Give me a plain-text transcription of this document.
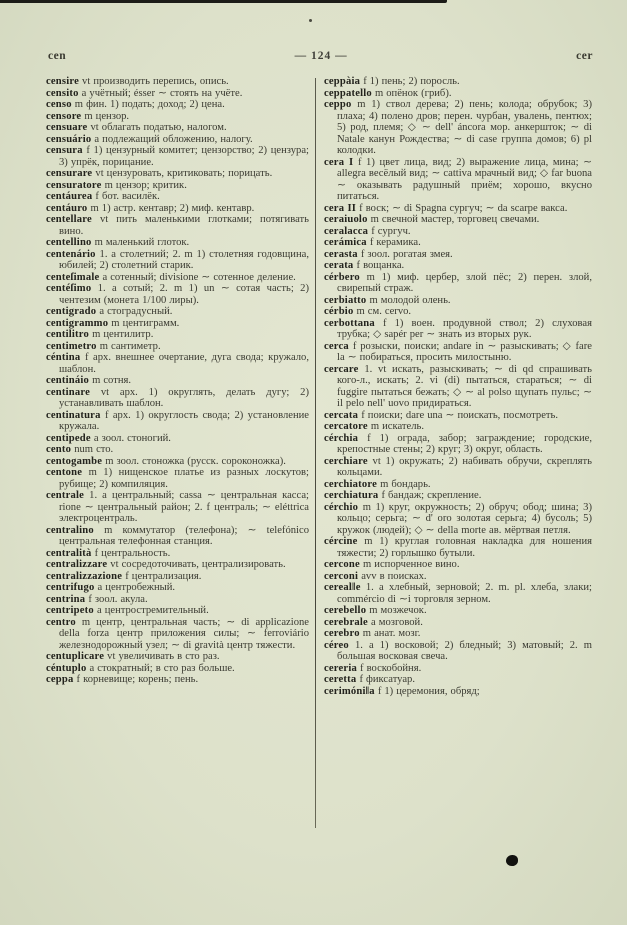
cen	— 124 —	cer

censire vt производить перепись, опись.

censito a учётный; ésser ∼ стоять на учёте.

censo m фин. 1) подать; доход; 2) цена.

censore m цензор.

censuare vt облагать податью, налогом.

censuário a подлежащий обложению, налогу.

censura f 1) цензурный комитет; цензорство; 2) цензура; 3) упрёк, порицание.

censurare vt цензуровать, критиковать; порицать.

censuratore m цензор; критик.

centáurea f бот. василёк.

centáuro m 1) астр. кентавр; 2) миф. кентавр.

centellare vt пить маленькими глотками; потягивать вино.

centellino m маленький глоток.

centenário 1. a столетний; 2. m 1) столетняя годовщина, юбилей; 2) столетний старик.

centeſimale a сотенный; divisione ∼ сотенное деление.

centéſimo 1. a сотый; 2. m 1) un ∼ сотая часть; 2) чентезим (монета 1/100 лиры).

centigrado a стоградусный.

centigrammo m центиграмм.

centilitro m центилитр.

centimetro m сантиметр.

céntina f арх. внешнее очертание, дуга свода; кружало, шаблон.

centináio m сотня.

centinare vt арх. 1) округлять, делать дугу; 2) устанавливать шаблон.

centinatura f арх. 1) округлость свода; 2) установление кружала.

centipede a зоол. стоногий.

cento num сто.

centogambe m зоол. стоножка (русск. сороконожка).

centone m 1) нищенское платье из разных лоскутов; рубище; 2) компиляция.

centrale 1. a центральный; cassa ∼ центральная касса; rione ∼ центральный район; 2. f централь; ∼ eléttrica электроцентраль.

centralino m коммутатор (телефона); ∼ telefónico центральная телефонная станция.

centralità f центральность.

centralizzare vt сосредоточивать, централизировать.

centralizzazione f централизация.

centrifugo a центробежный.

centrina f зоол. акула.

centripeto a центростремительный.

centro m центр, центральная часть; ∼ di applicazione della forza центр приложения силы; ∼ ferroviário железнодорожный узел; ∼ di gravità центр тяжести.

centuplicare vt увеличивать в сто раз.

céntuplo a стократный; в сто раз больше.

ceppa f корневище; корень; пень.

ceppàia f 1) пень; 2) поросль.

ceppatello m опёнок (гриб).

ceppo m 1) ствол дерева; 2) пень; колода; обрубок; 3) плаха; 4) полено дров; перен. чурбан, увалень, пентюх; 5) род, племя; ◇ ∼ dell' áncora мор. анкершток; ∼ di Natale канун Рождества; ∼ di case группа домов; 6) pl колодки.

cera I f 1) цвет лица, вид; 2) выражение лица, мина; ∼ allegra весёлый вид; ∼ cattiva мрачный вид; ◇ far buona ∼ оказывать радушный приём; хорошо, вкусно питаться.

cera II f воск; ∼ di Spagna сургуч; ∼ da scarpe вакса.

ceraiuolo m свечной мастер, торговец свечами.

ceralacca f сургуч.

cerámica f керамика.

cerasta f зоол. рогатая змея.

cerata f вощанка.

cérbero m 1) миф. цербер, злой пёс; 2) перен. злой, свирепый страж.

cerbiatto m молодой олень.

cérbio m см. cervo.

cerbottana f 1) воен. продувной ствол; 2) слуховая трубка; ◇ sapér per ∼ знать из вторых рук.

cerca f розыски, поиски; andare in ∼ разыскивать; ◇ fare la ∼ побираться, просить милостыню.

cercare 1. vt искать, разыскивать; ∼ di qd спрашивать кого-л., искать; 2. vi (di) пытаться, стараться; ∼ di fuggire пытаться бежать; ◇ ∼ al polso щупать пульс; ∼ il pelo nell' uovo придираться.

cercata f поиски; dare una ∼ поискать, посмотреть.

cercatore m искатель.

cérchia f 1) ограда, забор; заграждение; городские, крепостные стены; 2) круг; 3) округ, область.

cerchiare vt 1) окружать; 2) набивать обручи, скреплять кольцами.

cerchiatore m бондарь.

cerchiatura f бандаж; скрепление.

cérchio m 1) круг, окружность; 2) обруч; обод; шина; 3) кольцо; серьга; ∼ d' oro золотая серьга; 4) бусоль; 5) кружок (людей); ◇ ∼ della morte ав. мёртвая петля.

cércine m 1) круглая головная накладка для ношения тяжести; 2) горлышко бутыли.

cercone m испорченное вино.

cerconi avv в поисках.

cereal‖e 1. a хлебный, зерновой; 2. m. pl. хлеба, злаки; commércio di ∼i торговля зерном.

cerebello m мозжечок.

cerebrale a мозговой.

cerebro m анат. мозг.

céreo 1. a 1) восковой; 2) бледный; 3) матовый; 2. m большая восковая свеча.

cereria f воскобойня.

ceretta f фиксатуар.

cerimóni‖a f 1) церемония, обряд;
